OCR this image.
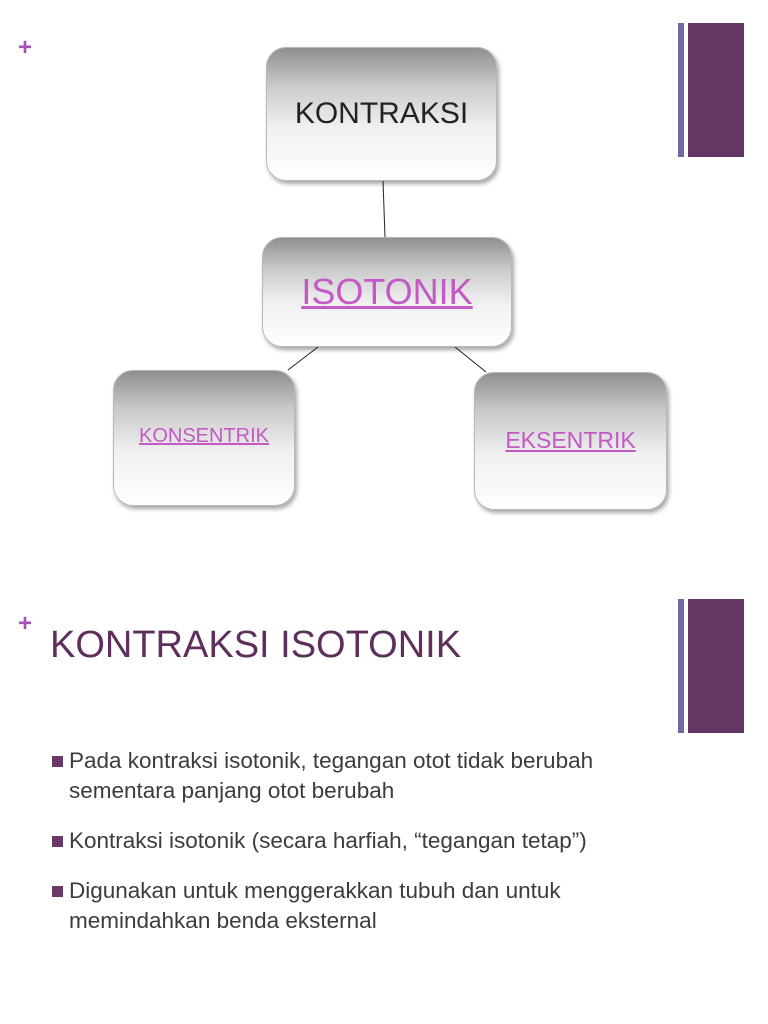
+
KONTRAKSI
ISOTONIK
KONSENTRIK	EKSENTRIK
+
KONTRAKSI ISOTONIK
Pada kontraksi isotonik, tegangan otot tidak berubah sementara panjang otot berubah
Kontraksi isotonik (secara harfiah, “tegangan tetap”)
Digunakan untuk menggerakkan tubuh dan untuk memindahkan benda eksternal
